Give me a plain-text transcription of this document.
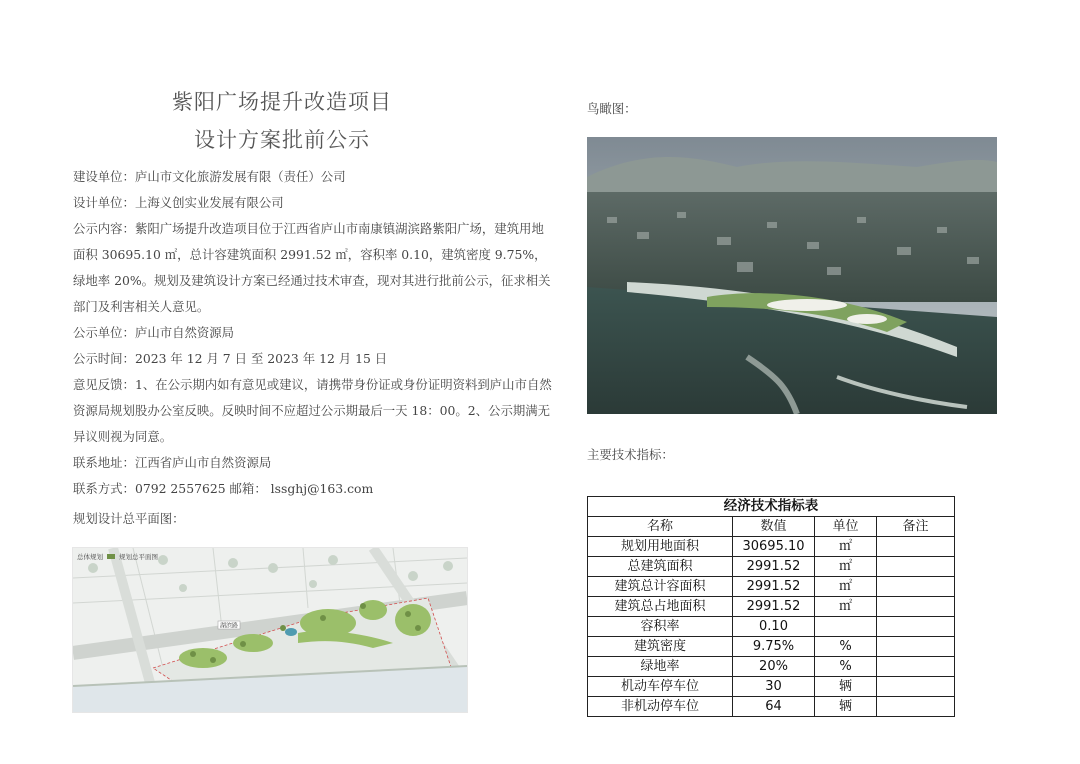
紫阳广场提升改造项目
设计方案批前公示

建设单位：庐山市文化旅游发展有限（责任）公司

设计单位：上海义创实业发展有限公司

公示内容：紫阳广场提升改造项目位于江西省庐山市南康镇湖滨路紫阳广场，建筑用地面积 30695.10 ㎡，总计容建筑面积 2991.52 ㎡，容积率 0.10，建筑密度 9.75%，绿地率 20%。规划及建筑设计方案已经通过技术审查，现对其进行批前公示，征求相关部门及利害相关人意见。

公示单位：庐山市自然资源局

公示时间：2023 年 12 月 7 日 至 2023 年 12 月 15 日

意见反馈：1、在公示期内如有意见或建议，请携带身份证或身份证明资料到庐山市自然资源局规划股办公室反映。反映时间不应超过公示期最后一天 18：00。2、公示期满无异议则视为同意。

联系地址：江西省庐山市自然资源局

联系方式：0792 2557625 邮箱： lssghj@163.com

规划设计总平面图：
湖滨路
总体规划 规划总平面图
鸟瞰图：
主要技术指标：
经济技术指标表
名称	数值	单位	备注
规划用地面积	30695.10	㎡	
总建筑面积	2991.52	㎡	
建筑总计容面积	2991.52	㎡	
建筑总占地面积	2991.52	㎡	
容积率	0.10		
建筑密度	9.75%	%	
绿地率	20%	%	
机动车停车位	30	辆	
非机动停车位	64	辆	
